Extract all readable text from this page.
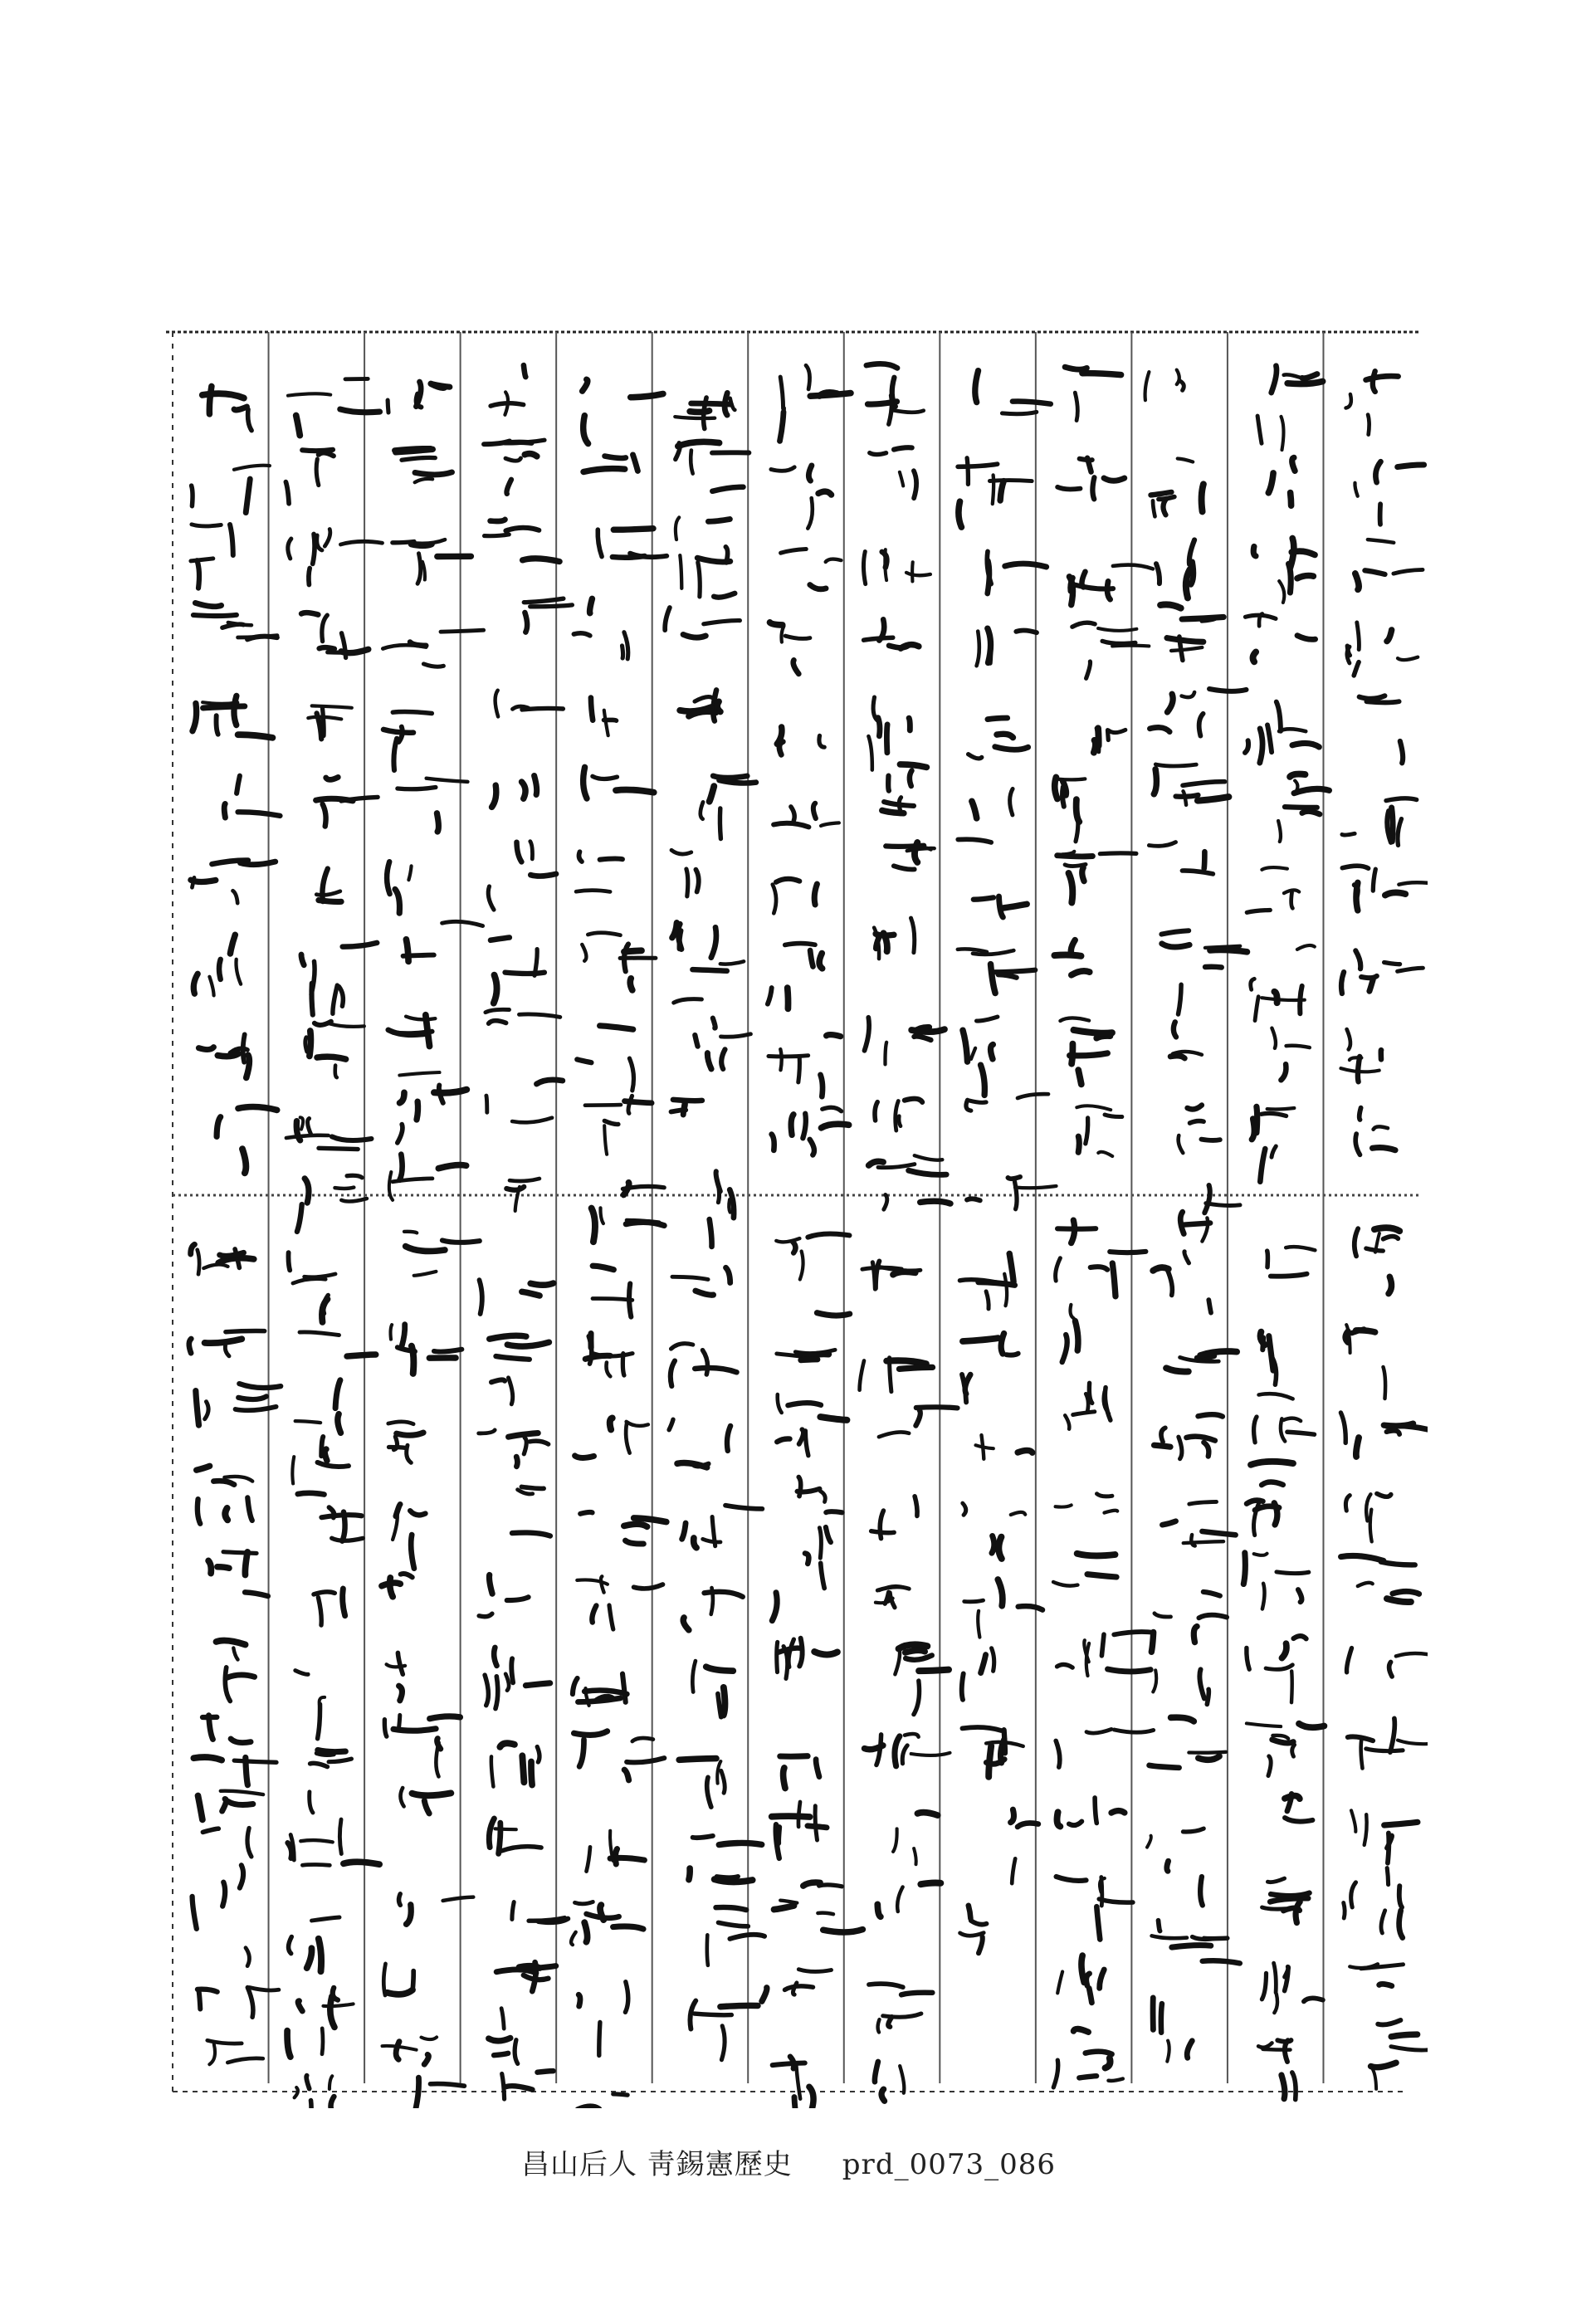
昌山后人 靑錫憲歷史 prd_0073_086
